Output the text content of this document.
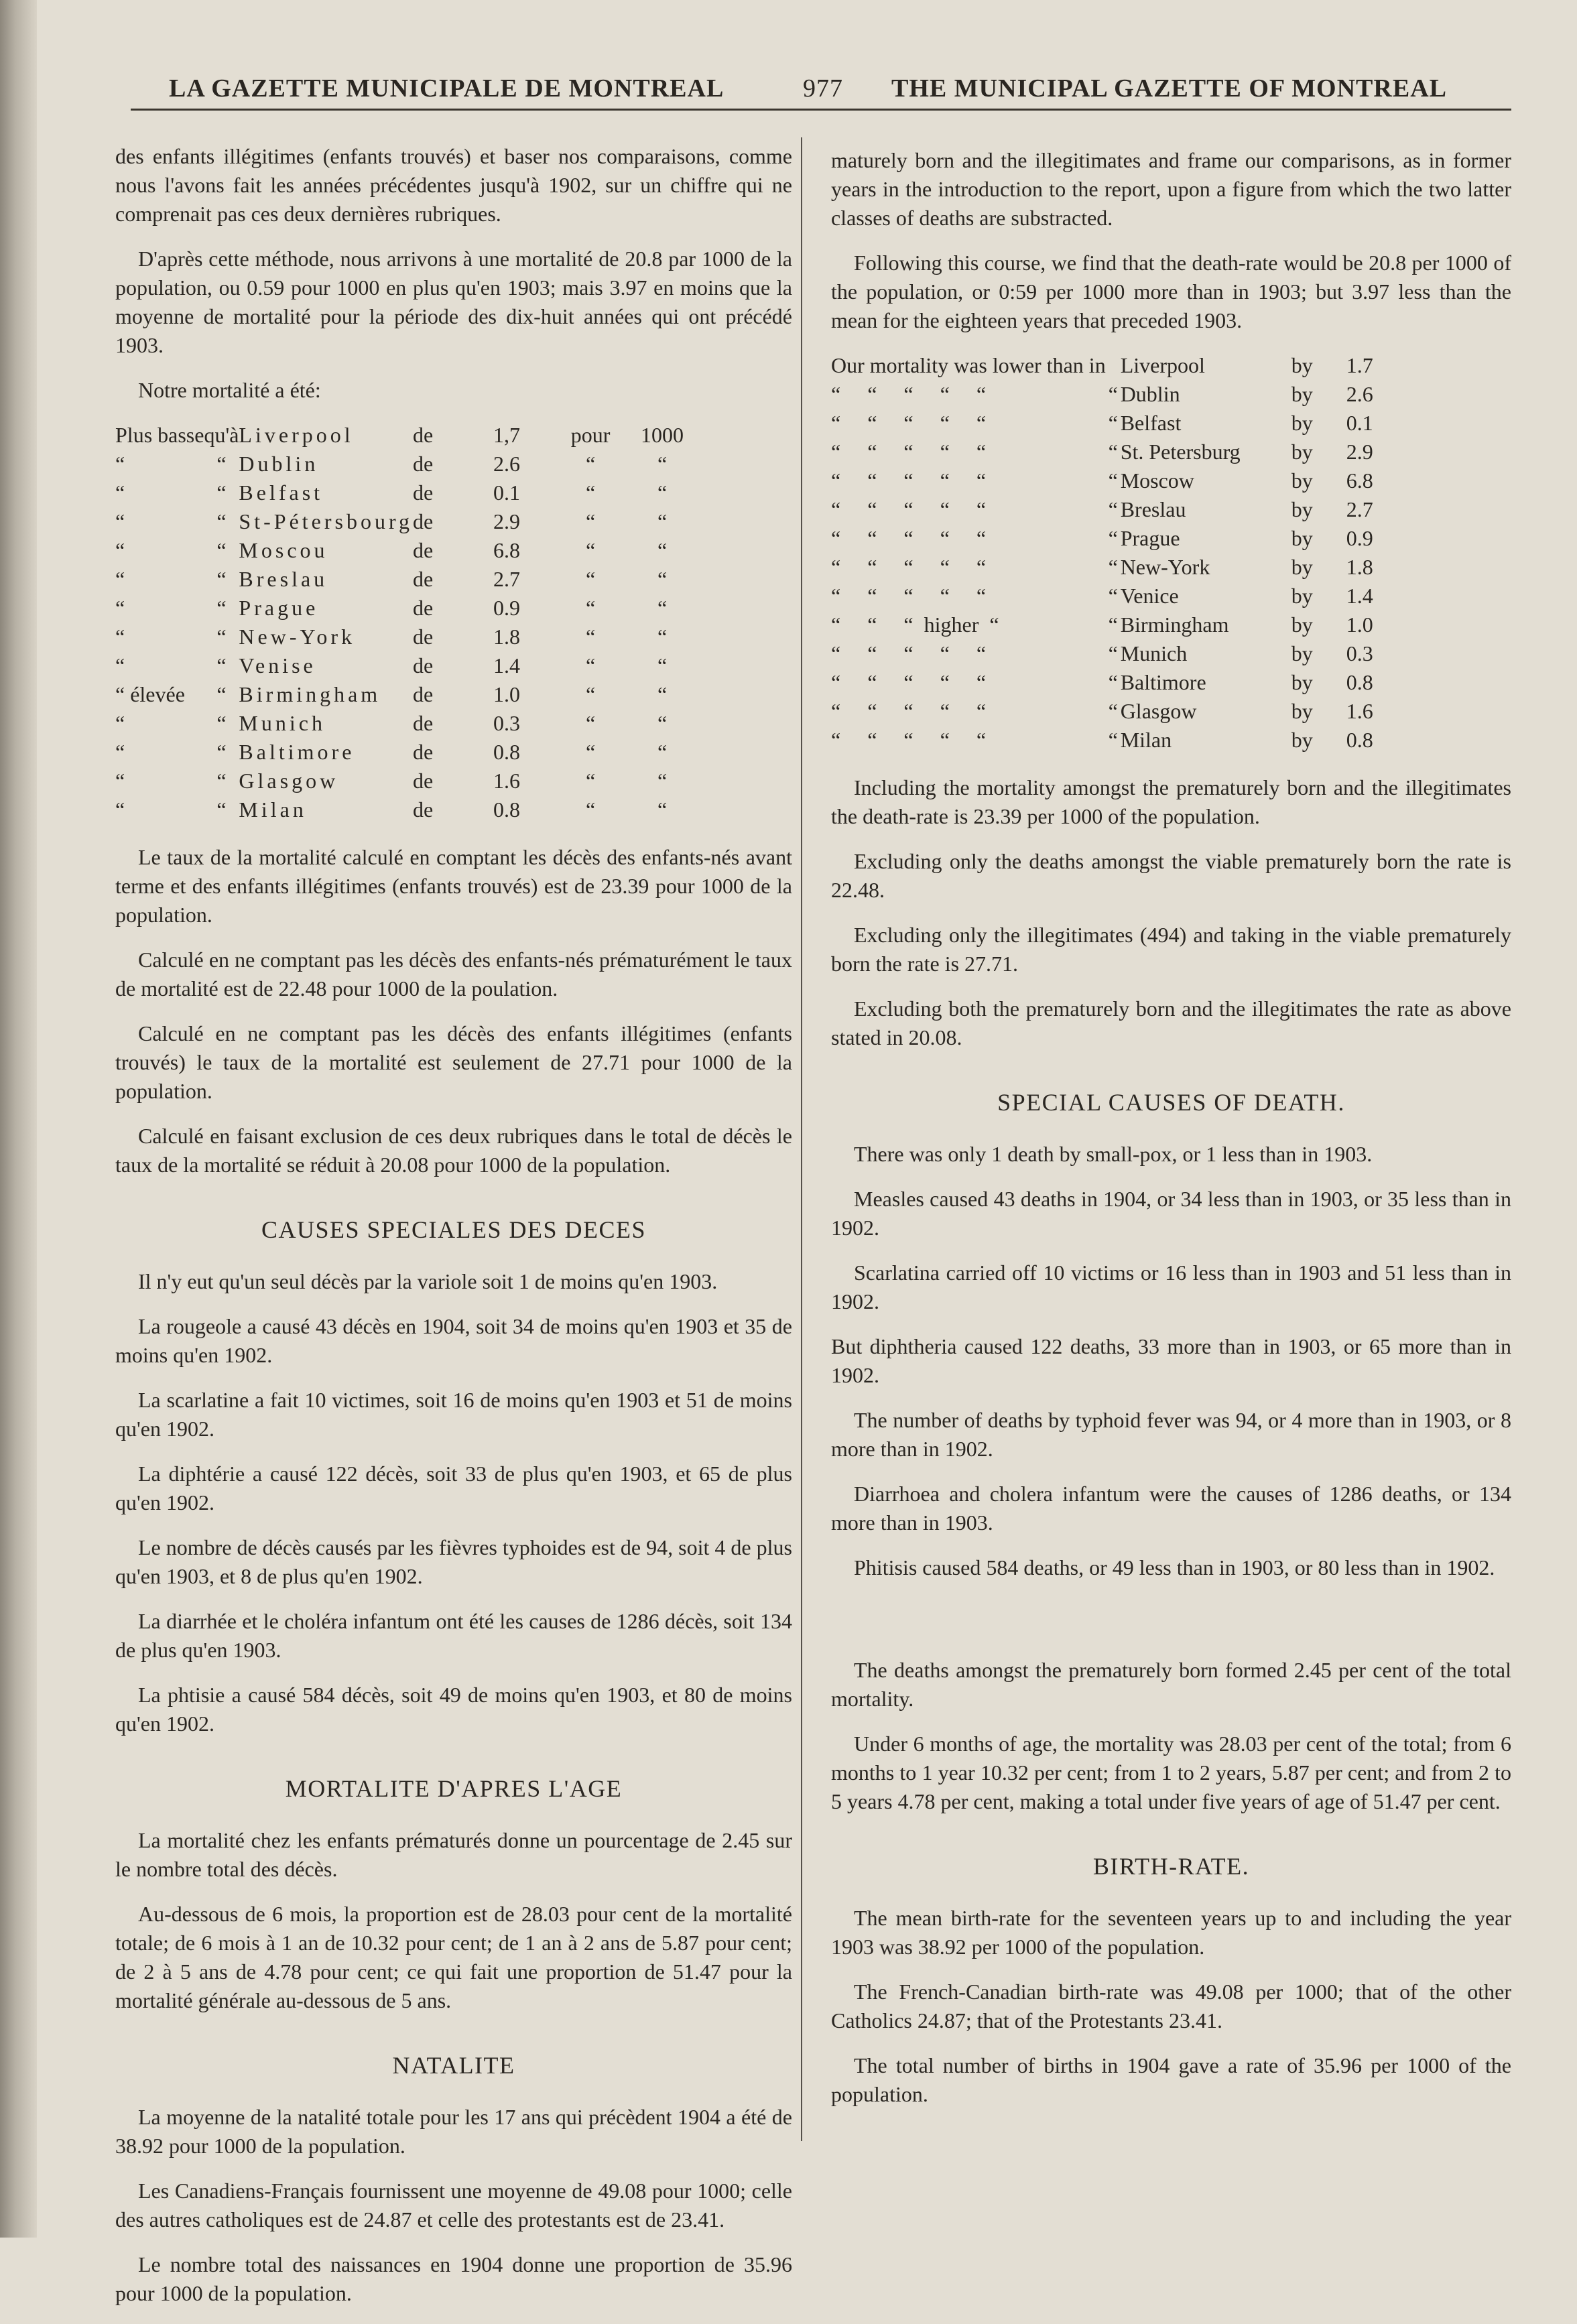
LA GAZETTE MUNICIPALE DE MONTREAL	977 THE MUNICIPAL GAZETTE OF MONTREAL

des enfants illégitimes (enfants trouvés) et baser nos comparaisons, comme nous l'avons fait les années précédentes jusqu'à 1902, sur un chiffre qui ne comprenait pas ces deux dernières rubriques.

D'après cette méthode, nous arrivons à une mortalité de 20.8 par 1000 de la population, ou 0.59 pour 1000 en plus qu'en 1903; mais 3.97 en moins que la moyenne de mortalité pour la période des dix-huit années qui ont précédé 1903.

Notre mortalité a été:

Plus basse	qu'à	Liverpool	de	1,7	pour	1000
“	“	Dublin	de	2.6	“	“
“	“	Belfast	de	0.1	“	“
“	“	St-Pétersbourg	de	2.9	“	“
“	“	Moscou	de	6.8	“	“
“	“	Breslau	de	2.7	“	“
“	“	Prague	de	0.9	“	“
“	“	New-York	de	1.8	“	“
“	“	Venise	de	1.4	“	“
“ élevée	“	Birmingham	de	1.0	“	“
“	“	Munich	de	0.3	“	“
“	“	Baltimore	de	0.8	“	“
“	“	Glasgow	de	1.6	“	“
“	“	Milan	de	0.8	“	“

Le taux de la mortalité calculé en comptant les décès des enfants-nés avant terme et des enfants illégitimes (enfants trouvés) est de 23.39 pour 1000 de la population.

Calculé en ne comptant pas les décès des enfants-nés prématurément le taux de mortalité est de 22.48 pour 1000 de la poulation.

Calculé en ne comptant pas les décès des enfants illégitimes (enfants trouvés) le taux de la mortalité est seulement de 27.71 pour 1000 de la population.

Calculé en faisant exclusion de ces deux rubriques dans le total de décès le taux de la mortalité se réduit à 20.08 pour 1000 de la population.

CAUSES SPECIALES DES DECES

Il n'y eut qu'un seul décès par la variole soit 1 de moins qu'en 1903.

La rougeole a causé 43 décès en 1904, soit 34 de moins qu'en 1903 et 35 de moins qu'en 1902.

La scarlatine a fait 10 victimes, soit 16 de moins qu'en 1903 et 51 de moins qu'en 1902.

La diphtérie a causé 122 décès, soit 33 de plus qu'en 1903, et 65 de plus qu'en 1902.

Le nombre de décès causés par les fièvres typhoides est de 94, soit 4 de plus qu'en 1903, et 8 de plus qu'en 1902.

La diarrhée et le choléra infantum ont été les causes de 1286 décès, soit 134 de plus qu'en 1903.

La phtisie a causé 584 décès, soit 49 de moins qu'en 1903, et 80 de moins qu'en 1902.

MORTALITE D'APRES L'AGE

La mortalité chez les enfants prématurés donne un pourcentage de 2.45 sur le nombre total des décès.

Au-dessous de 6 mois, la proportion est de 28.03 pour cent de la mortalité totale; de 6 mois à 1 an de 10.32 pour cent; de 1 an à 2 ans de 5.87 pour cent; de 2 à 5 ans de 4.78 pour cent; ce qui fait une proportion de 51.47 pour la mortalité générale au-dessous de 5 ans.

NATALITE

La moyenne de la natalité totale pour les 17 ans qui précèdent 1904 a été de 38.92 pour 1000 de la population.

Les Canadiens-Français fournissent une moyenne de 49.08 pour 1000; celle des autres catholiques est de 24.87 et celle des protestants est de 23.41.

Le nombre total des naissances en 1904 donne une proportion de 35.96 pour 1000 de la population.

maturely born and the illegitimates and frame our comparisons, as in former years in the introduction to the report, upon a figure from which the two latter classes of deaths are substracted.

Following this course, we find that the death-rate would be 20.8 per 1000 of the population, or 0:59 per 1000 more than in 1903; but 3.97 less than the mean for the eighteen years that preceded 1903.

Our mortality was lower than in		Liverpool	by	1.7
“     “     “     “     “	“	Dublin	by	2.6
“     “     “     “     “	“	Belfast	by	0.1
“     “     “     “     “	“	St. Petersburg	by	2.9
“     “     “     “     “	“	Moscow	by	6.8
“     “     “     “     “	“	Breslau	by	2.7
“     “     “     “     “	“	Prague	by	0.9
“     “     “     “     “	“	New-York	by	1.8
“     “     “     “     “	“	Venice	by	1.4
“     “     “  higher  “	“	Birmingham	by	1.0
“     “     “     “     “	“	Munich	by	0.3
“     “     “     “     “	“	Baltimore	by	0.8
“     “     “     “     “	“	Glasgow	by	1.6
“     “     “     “     “	“	Milan	by	0.8

Including the mortality amongst the prematurely born and the illegitimates the death-rate is 23.39 per 1000 of the population.

Excluding only the deaths amongst the viable prematurely born the rate is 22.48.

Excluding only the illegitimates (494) and taking in the viable prematurely born the rate is 27.71.

Excluding both the prematurely born and the illegitimates the rate as above stated in 20.08.

SPECIAL CAUSES OF DEATH.

There was only 1 death by small-pox, or 1 less than in 1903.

Measles caused 43 deaths in 1904, or 34 less than in 1903, or 35 less than in 1902.

Scarlatina carried off 10 victims or 16 less than in 1903 and 51 less than in 1902.

But diphtheria caused 122 deaths, 33 more than in 1903, or 65 more than in 1902.

The number of deaths by typhoid fever was 94, or 4 more than in 1903, or 8 more than in 1902.

Diarrhoea and cholera infantum were the causes of 1286 deaths, or 134 more than in 1903.

Phitisis caused 584 deaths, or 49 less than in 1903, or 80 less than in 1902.

The deaths amongst the prematurely born formed 2.45 per cent of the total mortality.

Under 6 months of age, the mortality was 28.03 per cent of the total; from 6 months to 1 year 10.32 per cent; from 1 to 2 years, 5.87 per cent; and from 2 to 5 years 4.78 per cent, making a total under five years of age of 51.47 per cent.

BIRTH-RATE.

The mean birth-rate for the seventeen years up to and including the year 1903 was 38.92 per 1000 of the population.

The French-Canadian birth-rate was 49.08 per 1000; that of the other Catholics 24.87; that of the Protestants 23.41.

The total number of births in 1904 gave a rate of 35.96 per 1000 of the population.
